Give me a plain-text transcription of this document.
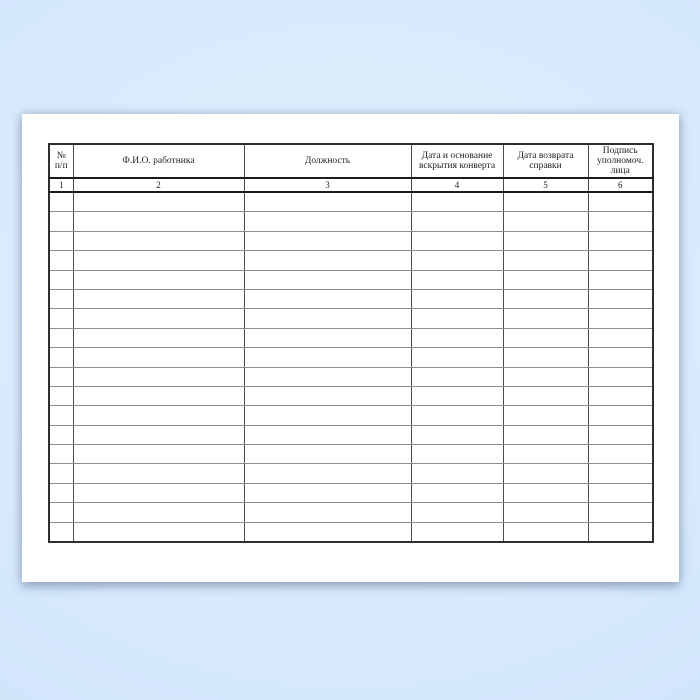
№ п/п	Ф.И.О. работника	Должность	Дата и основание вскрытия конверта	Дата возврата справки	Подпись уполномоч. лица
1	2	3	4	5	6
